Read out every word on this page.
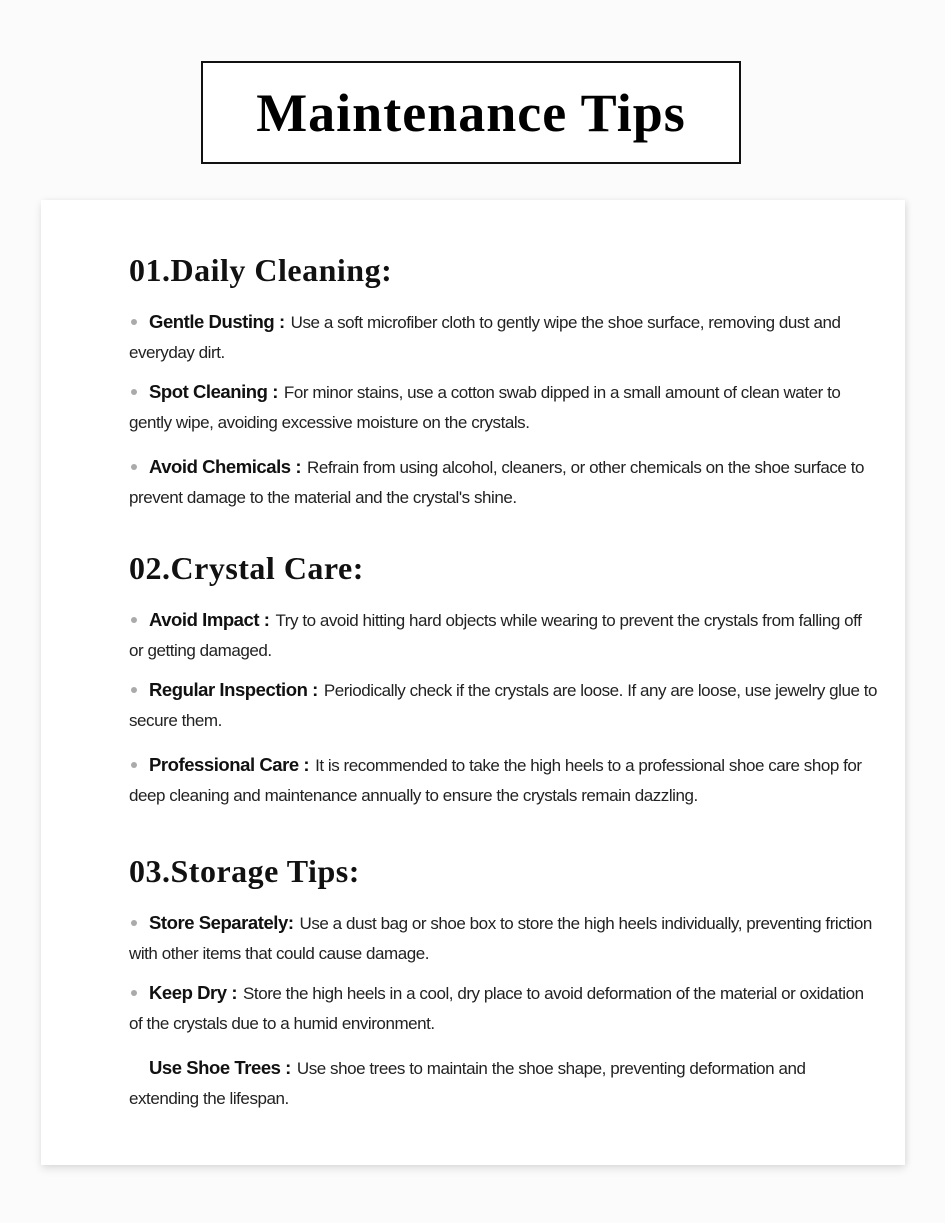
Maintenance Tips
01.Daily Cleaning:
Gentle Dusting : Use a soft microfiber cloth to gently wipe the shoe surface, removing dust and everyday dirt.
Spot Cleaning : For minor stains, use a cotton swab dipped in a small amount of clean water to gently wipe, avoiding excessive moisture on the crystals.
Avoid Chemicals : Refrain from using alcohol, cleaners, or other chemicals on the shoe surface to prevent damage to the material and the crystal's shine.
02.Crystal Care:
Avoid Impact : Try to avoid hitting hard objects while wearing to prevent the crystals from falling off or getting damaged.
Regular Inspection : Periodically check if the crystals are loose. If any are loose, use jewelry glue to secure them.
Professional Care : It is recommended to take the high heels to a professional shoe care shop for deep cleaning and maintenance annually to ensure the crystals remain dazzling.
03.Storage Tips:
Store Separately: Use a dust bag or shoe box to store the high heels individually, preventing friction with other items that could cause damage.
Keep Dry : Store the high heels in a cool, dry place to avoid deformation of the material or oxidation of the crystals due to a humid environment.
Use Shoe Trees : Use shoe trees to maintain the shoe shape, preventing deformation and extending the lifespan.
